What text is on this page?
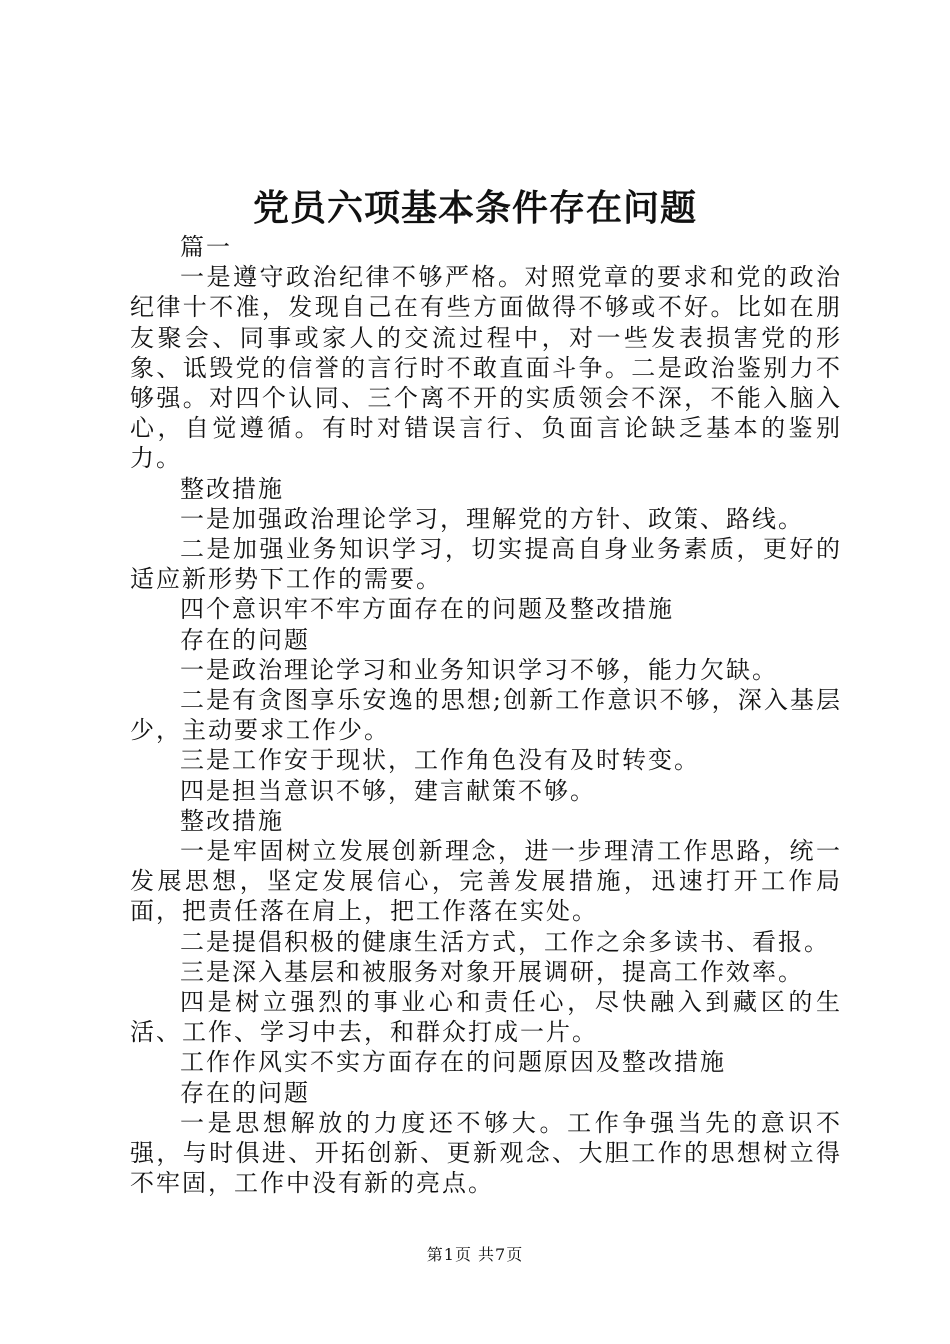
党员六项基本条件存在问题

篇一

一是遵守政治纪律不够严格。对照党章的要求和党的政治纪律十不准，发现自己在有些方面做得不够或不好。比如在朋友聚会、同事或家人的交流过程中，对一些发表损害党的形象、诋毁党的信誉的言行时不敢直面斗争。二是政治鉴别力不够强。对四个认同、三个离不开的实质领会不深，不能入脑入心，自觉遵循。有时对错误言行、负面言论缺乏基本的鉴别力。

整改措施

一是加强政治理论学习，理解党的方针、政策、路线。

二是加强业务知识学习，切实提高自身业务素质，更好的适应新形势下工作的需要。

四个意识牢不牢方面存在的问题及整改措施

存在的问题

一是政治理论学习和业务知识学习不够，能力欠缺。

二是有贪图享乐安逸的思想;创新工作意识不够，深入基层少，主动要求工作少。

三是工作安于现状，工作角色没有及时转变。

四是担当意识不够，建言献策不够。

整改措施

一是牢固树立发展创新理念，进一步理清工作思路，统一发展思想，坚定发展信心，完善发展措施，迅速打开工作局面，把责任落在肩上，把工作落在实处。

二是提倡积极的健康生活方式，工作之余多读书、看报。

三是深入基层和被服务对象开展调研，提高工作效率。

四是树立强烈的事业心和责任心，尽快融入到藏区的生活、工作、学习中去，和群众打成一片。

工作作风实不实方面存在的问题原因及整改措施

存在的问题

一是思想解放的力度还不够大。工作争强当先的意识不强，与时俱进、开拓创新、更新观念、大胆工作的思想树立得不牢固，工作中没有新的亮点。

第1页 共7页
